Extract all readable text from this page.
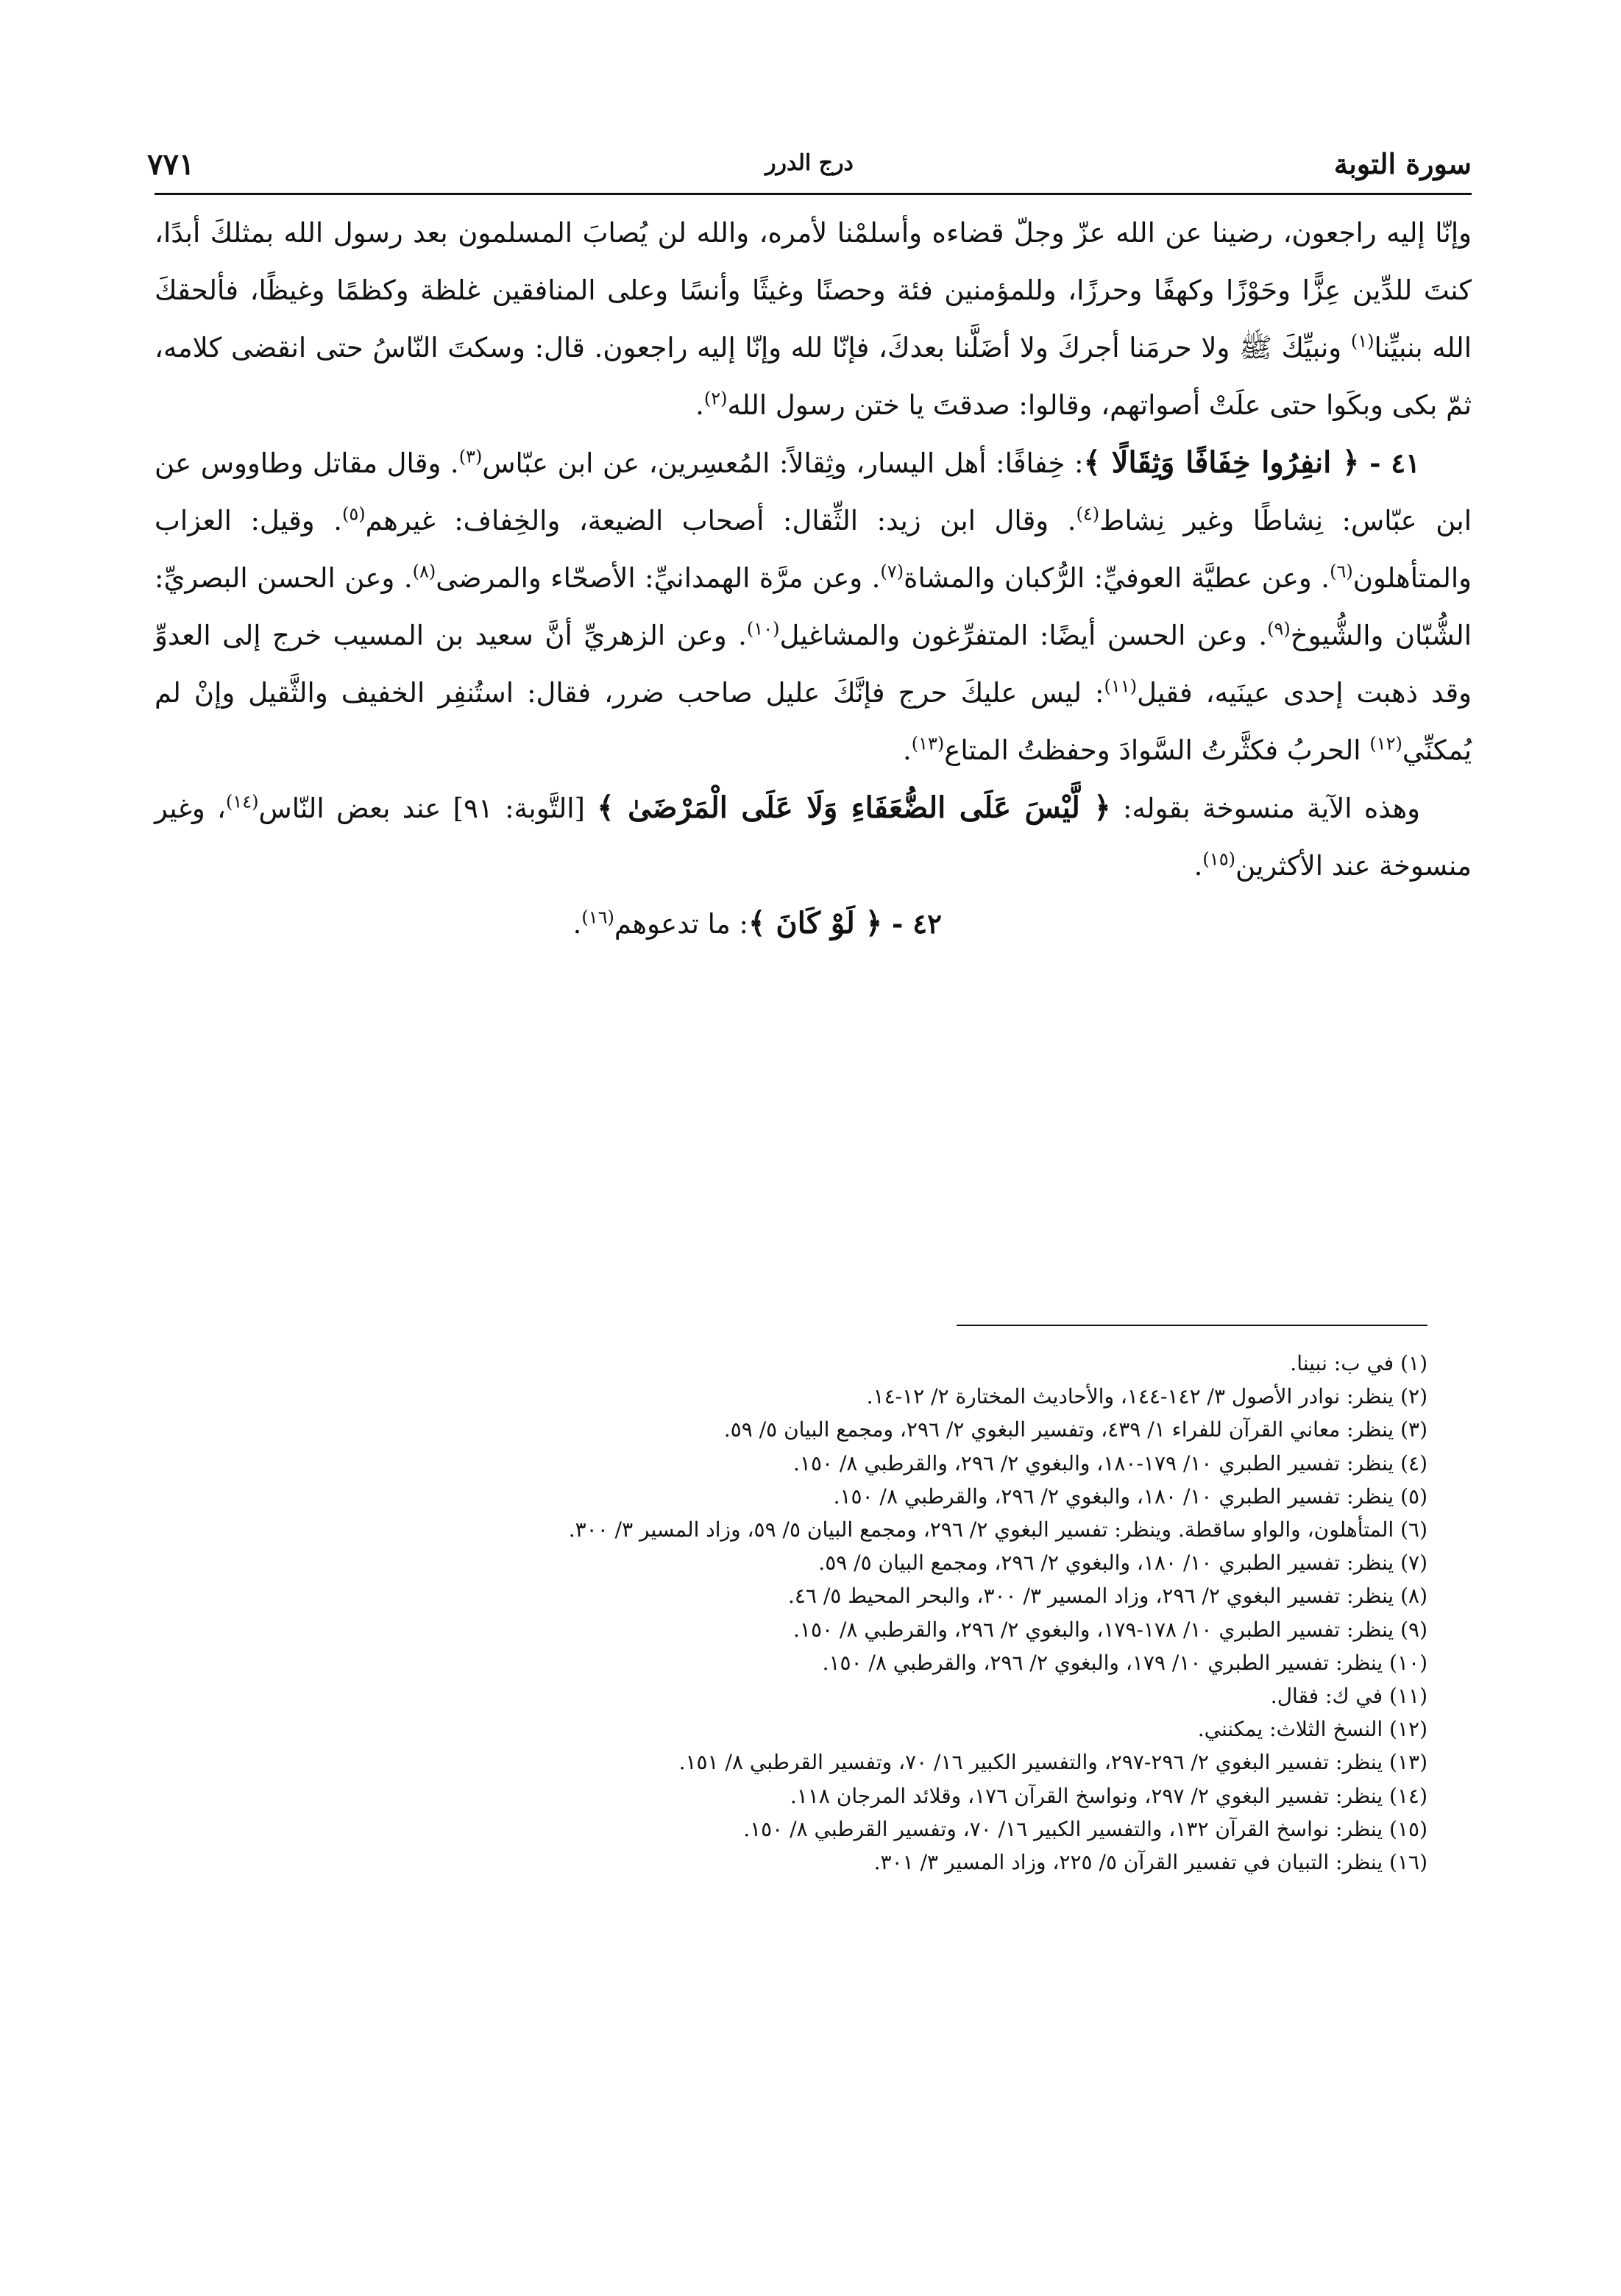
سورة التوبة
درج الدرر
٧٧١

وإنّا إليه راجعون، رضينا عن الله عزّ وجلّ قضاءه وأسلمْنا لأمره، والله لن يُصابَ المسلمون بعد رسول الله بمثلكَ أبدًا، كنتَ للدِّين عِزًّا وحَوْزًا وكهفًا وحرزًا، وللمؤمنين فئة وحصنًا وغيثًا وأنسًا وعلى المنافقين غلظة وكظمًا وغيظًا، فألحقكَ الله بنبيِّنا$^{(١)}$ ونبيِّكَ ﷺ ولا حرمَنا أجركَ ولا أضَلَّنا بعدكَ، فإنّا لله وإنّا إليه راجعون. قال: وسكتَ النّاسُ حتى انقضى كلامه، ثمّ بكى وبكَوا حتى علَتْ أصواتهم، وقالوا: صدقتَ يا ختن رسول الله$^{(٢)}$.

٤١ - ﴿ انفِرُوا خِفَافًا وَثِقَالًا ﴾: خِفافًا: أهل اليسار، وثِقالاً: المُعسِرين، عن ابن عبّاس$^{(٣)}$. وقال مقاتل وطاووس عن ابن عبّاس: نِشاطًا وغير نِشاط$^{(٤)}$. وقال ابن زيد: الثِّقال: أصحاب الضيعة، والخِفاف: غيرهم$^{(٥)}$. وقيل: العزاب والمتأهلون$^{(٦)}$. وعن عطيَّة العوفيِّ: الرُّكبان والمشاة$^{(٧)}$. وعن مرَّة الهمدانيِّ: الأصحّاء والمرضى$^{(٨)}$. وعن الحسن البصريِّ: الشُّبّان والشُّيوخ$^{(٩)}$. وعن الحسن أيضًا: المتفرِّغون والمشاغيل$^{(١٠)}$. وعن الزهريِّ أنَّ سعيد بن المسيب خرج إلى العدوِّ وقد ذهبت إحدى عينَيه، فقيل$^{(١١)}$: ليس عليكَ حرج فإنَّكَ عليل صاحب ضرر، فقال: استُنفِر الخفيف والثَّقيل وإنْ لم يُمكنِّي$^{(١٢)}$ الحربُ فكثَّرتُ السَّوادَ وحفظتُ المتاع$^{(١٣)}$.

وهذه الآية منسوخة بقوله: ﴿ لَّيْسَ عَلَى الضُّعَفَاءِ وَلَا عَلَى الْمَرْضَىٰ ﴾ [التَّوبة: ٩١] عند بعض النّاس$^{(١٤)}$، وغير منسوخة عند الأكثرين$^{(١٥)}$.

٤٢ - ﴿ لَوْ كَانَ ﴾: ما تدعوهم$^{(١٦)}$.

(١) في ب: نبينا.
(٢) ينظر: نوادر الأصول ٣/ ١٤٢-١٤٤، والأحاديث المختارة ٢/ ١٢-١٤.
(٣) ينظر: معاني القرآن للفراء ١/ ٤٣٩، وتفسير البغوي ٢/ ٢٩٦، ومجمع البيان ٥/ ٥٩.
(٤) ينظر: تفسير الطبري ١٠/ ١٧٩-١٨٠، والبغوي ٢/ ٢٩٦، والقرطبي ٨/ ١٥٠.
(٥) ينظر: تفسير الطبري ١٠/ ١٨٠، والبغوي ٢/ ٢٩٦، والقرطبي ٨/ ١٥٠.
(٦) المتأهلون، والواو ساقطة. وينظر: تفسير البغوي ٢/ ٢٩٦، ومجمع البيان ٥/ ٥٩، وزاد المسير ٣/ ٣٠٠.
(٧) ينظر: تفسير الطبري ١٠/ ١٨٠، والبغوي ٢/ ٢٩٦، ومجمع البيان ٥/ ٥٩.
(٨) ينظر: تفسير البغوي ٢/ ٢٩٦، وزاد المسير ٣/ ٣٠٠، والبحر المحيط ٥/ ٤٦.
(٩) ينظر: تفسير الطبري ١٠/ ١٧٨-١٧٩، والبغوي ٢/ ٢٩٦، والقرطبي ٨/ ١٥٠.
(١٠) ينظر: تفسير الطبري ١٠/ ١٧٩، والبغوي ٢/ ٢٩٦، والقرطبي ٨/ ١٥٠.
(١١) في ك: فقال.
(١٢) النسخ الثلاث: يمكنني.
(١٣) ينظر: تفسير البغوي ٢/ ٢٩٦-٢٩٧، والتفسير الكبير ١٦/ ٧٠، وتفسير القرطبي ٨/ ١٥١.
(١٤) ينظر: تفسير البغوي ٢/ ٢٩٧، ونواسخ القرآن ١٧٦، وقلائد المرجان ١١٨.
(١٥) ينظر: نواسخ القرآن ١٣٢، والتفسير الكبير ١٦/ ٧٠، وتفسير القرطبي ٨/ ١٥٠.
(١٦) ينظر: التبيان في تفسير القرآن ٥/ ٢٢٥، وزاد المسير ٣/ ٣٠١.
